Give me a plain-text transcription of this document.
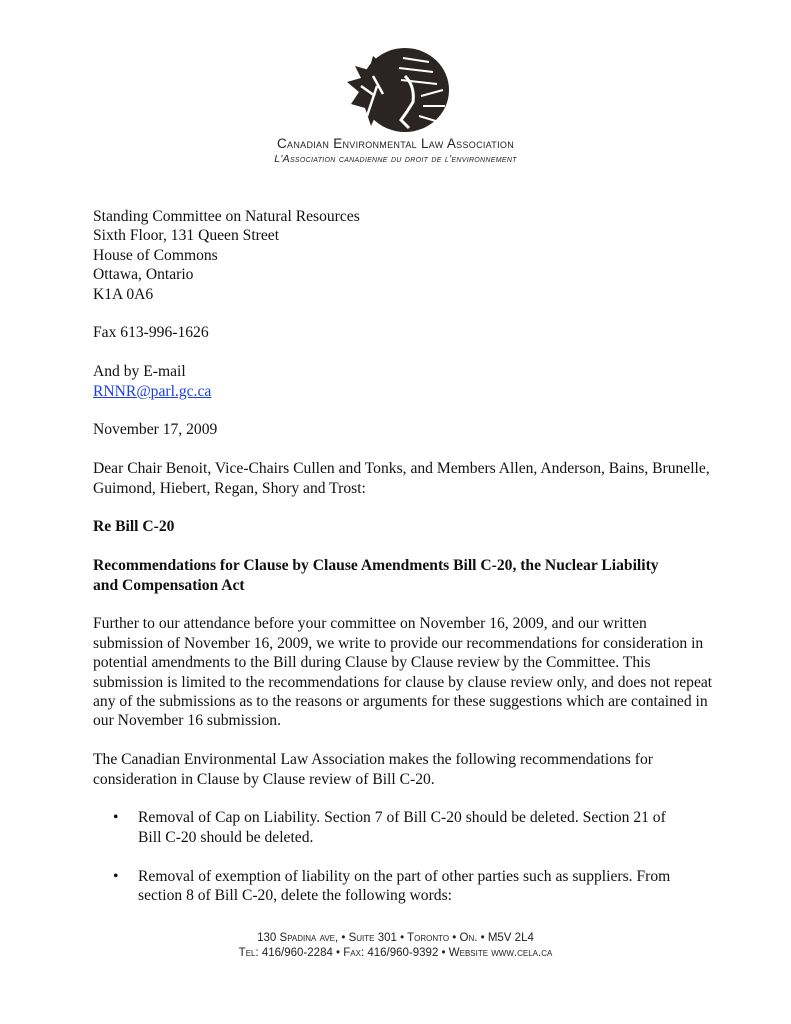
Canadian Environmental Law Association
L'Association canadienne du droit de l'environnement

Standing Committee on Natural Resources

Sixth Floor, 131 Queen Street

House of Commons

Ottawa, Ontario

K1A 0A6

Fax 613-996-1626

And by E-mail

RNNR@parl.gc.ca

November 17, 2009

Dear Chair Benoit, Vice-Chairs Cullen and Tonks, and Members Allen, Anderson, Bains, Brunelle, Guimond, Hiebert, Regan, Shory and Trost:

Re Bill C-20

Recommendations for Clause by Clause Amendments Bill C-20, the Nuclear Liability and Compensation Act

Further to our attendance before your committee on November 16, 2009, and our written submission of November 16, 2009, we write to provide our recommendations for consideration in potential amendments to the Bill during Clause by Clause review by the Committee. This submission is limited to the recommendations for clause by clause review only, and does not repeat any of the submissions as to the reasons or arguments for these suggestions which are contained in our November 16 submission.

The Canadian Environmental Law Association makes the following recommendations for consideration in Clause by Clause review of Bill C-20.

• Removal of Cap on Liability. Section 7 of Bill C-20 should be deleted. Section 21 of Bill C-20 should be deleted.
• Removal of exemption of liability on the part of other parties such as suppliers. From section 8 of Bill C-20, delete the following words:
130 Spadina ave, • Suite 301 • Toronto • On. • M5V 2L4
Tel: 416/960-2284 • Fax: 416/960-9392 • Website www.cela.ca
